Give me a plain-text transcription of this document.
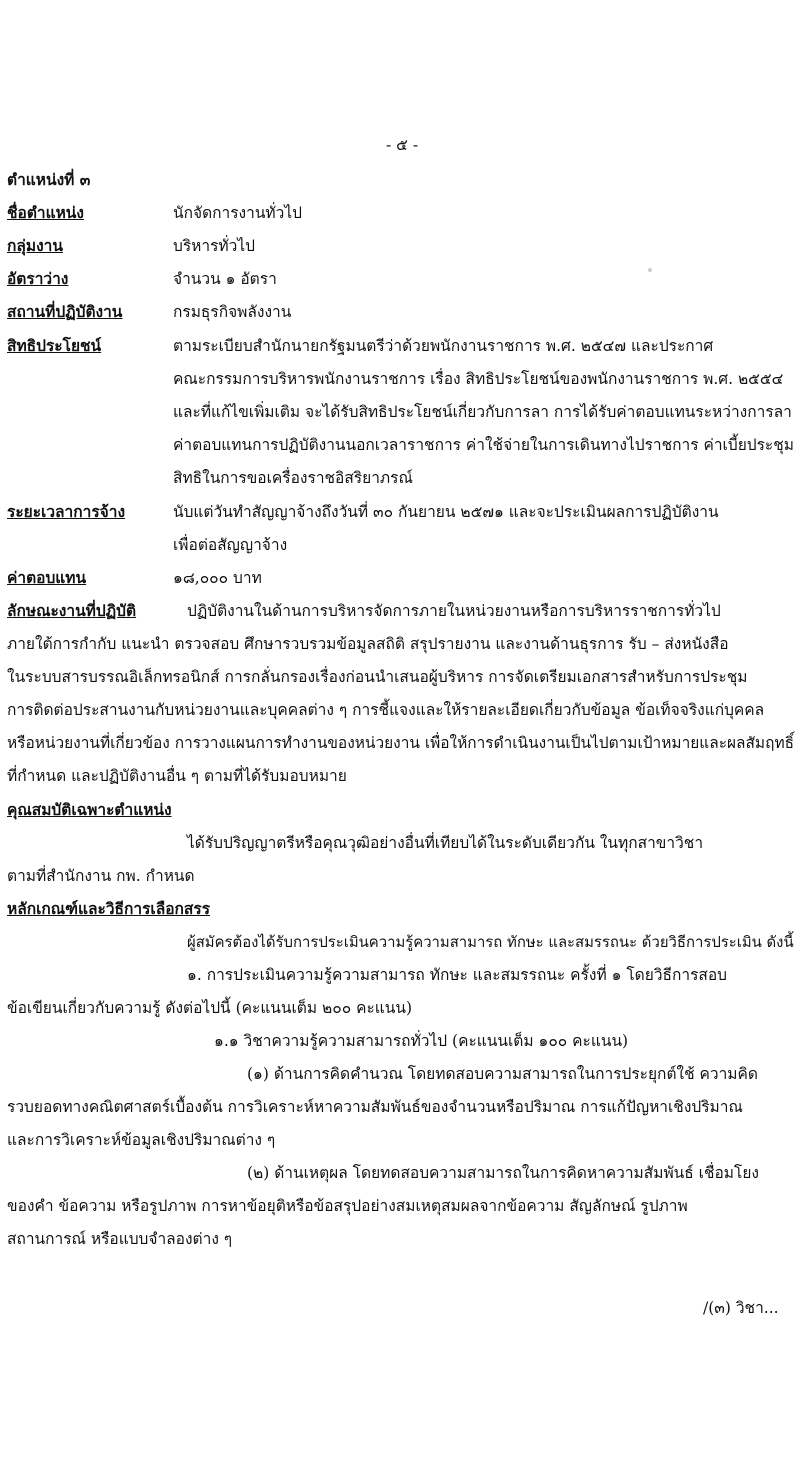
- ๕ -
ตำแหน่งที่ ๓
ชื่อตำแหน่ง	นักจัดการงานทั่วไป
กลุ่มงาน	บริหารทั่วไป
อัตราว่าง	จำนวน ๑ อัตรา
สถานที่ปฏิบัติงาน	กรมธุรกิจพลังงาน
สิทธิประโยชน์	ตามระเบียบสำนักนายกรัฐมนตรีว่าด้วยพนักงานราชการ พ.ศ. ๒๕๔๗ และประกาศ
คณะกรรมการบริหารพนักงานราชการ เรื่อง สิทธิประโยชน์ของพนักงานราชการ พ.ศ. ๒๕๕๔
และที่แก้ไขเพิ่มเติม จะได้รับสิทธิประโยชน์เกี่ยวกับการลา การได้รับค่าตอบแทนระหว่างการลา
ค่าตอบแทนการปฏิบัติงานนอกเวลาราชการ ค่าใช้จ่ายในการเดินทางไปราชการ ค่าเบี้ยประชุม
สิทธิในการขอเครื่องราชอิสริยาภรณ์
ระยะเวลาการจ้าง	นับแต่วันทำสัญญาจ้างถึงวันที่ ๓๐ กันยายน ๒๕๗๑ และจะประเมินผลการปฏิบัติงาน
เพื่อต่อสัญญาจ้าง
ค่าตอบแทน	๑๘,๐๐๐ บาท
ลักษณะงานที่ปฏิบัติ	ปฏิบัติงานในด้านการบริหารจัดการภายในหน่วยงานหรือการบริหารราชการทั่วไป
ภายใต้การกำกับ แนะนำ ตรวจสอบ ศึกษารวบรวมข้อมูลสถิติ สรุปรายงาน และงานด้านธุรการ รับ – ส่งหนังสือ
ในระบบสารบรรณอิเล็กทรอนิกส์ การกลั่นกรองเรื่องก่อนนำเสนอผู้บริหาร การจัดเตรียมเอกสารสำหรับการประชุม
การติดต่อประสานงานกับหน่วยงานและบุคคลต่าง ๆ การชี้แจงและให้รายละเอียดเกี่ยวกับข้อมูล ข้อเท็จจริงแก่บุคคล
หรือหน่วยงานที่เกี่ยวข้อง การวางแผนการทำงานของหน่วยงาน เพื่อให้การดำเนินงานเป็นไปตามเป้าหมายและผลสัมฤทธิ์
ที่กำหนด และปฏิบัติงานอื่น ๆ ตามที่ได้รับมอบหมาย
คุณสมบัติเฉพาะตำแหน่ง
ได้รับปริญญาตรีหรือคุณวุฒิอย่างอื่นที่เทียบได้ในระดับเดียวกัน ในทุกสาขาวิชา
ตามที่สำนักงาน กพ. กำหนด
หลักเกณฑ์และวิธีการเลือกสรร
ผู้สมัครต้องได้รับการประเมินความรู้ความสามารถ ทักษะ และสมรรถนะ ด้วยวิธีการประเมิน ดังนี้
๑. การประเมินความรู้ความสามารถ ทักษะ และสมรรถนะ ครั้งที่ ๑ โดยวิธีการสอบ
ข้อเขียนเกี่ยวกับความรู้ ดังต่อไปนี้ (คะแนนเต็ม ๒๐๐ คะแนน)
๑.๑ วิชาความรู้ความสามารถทั่วไป (คะแนนเต็ม ๑๐๐ คะแนน)
(๑) ด้านการคิดคำนวณ โดยทดสอบความสามารถในการประยุกต์ใช้ ความคิด
รวบยอดทางคณิตศาสตร์เบื้องต้น การวิเคราะห์หาความสัมพันธ์ของจำนวนหรือปริมาณ การแก้ปัญหาเชิงปริมาณ
และการวิเคราะห์ข้อมูลเชิงปริมาณต่าง ๆ
(๒) ด้านเหตุผล โดยทดสอบความสามารถในการคิดหาความสัมพันธ์ เชื่อมโยง
ของคำ ข้อความ หรือรูปภาพ การหาข้อยุติหรือข้อสรุปอย่างสมเหตุสมผลจากข้อความ สัญลักษณ์ รูปภาพ
สถานการณ์ หรือแบบจำลองต่าง ๆ
/(๓) วิชา...
